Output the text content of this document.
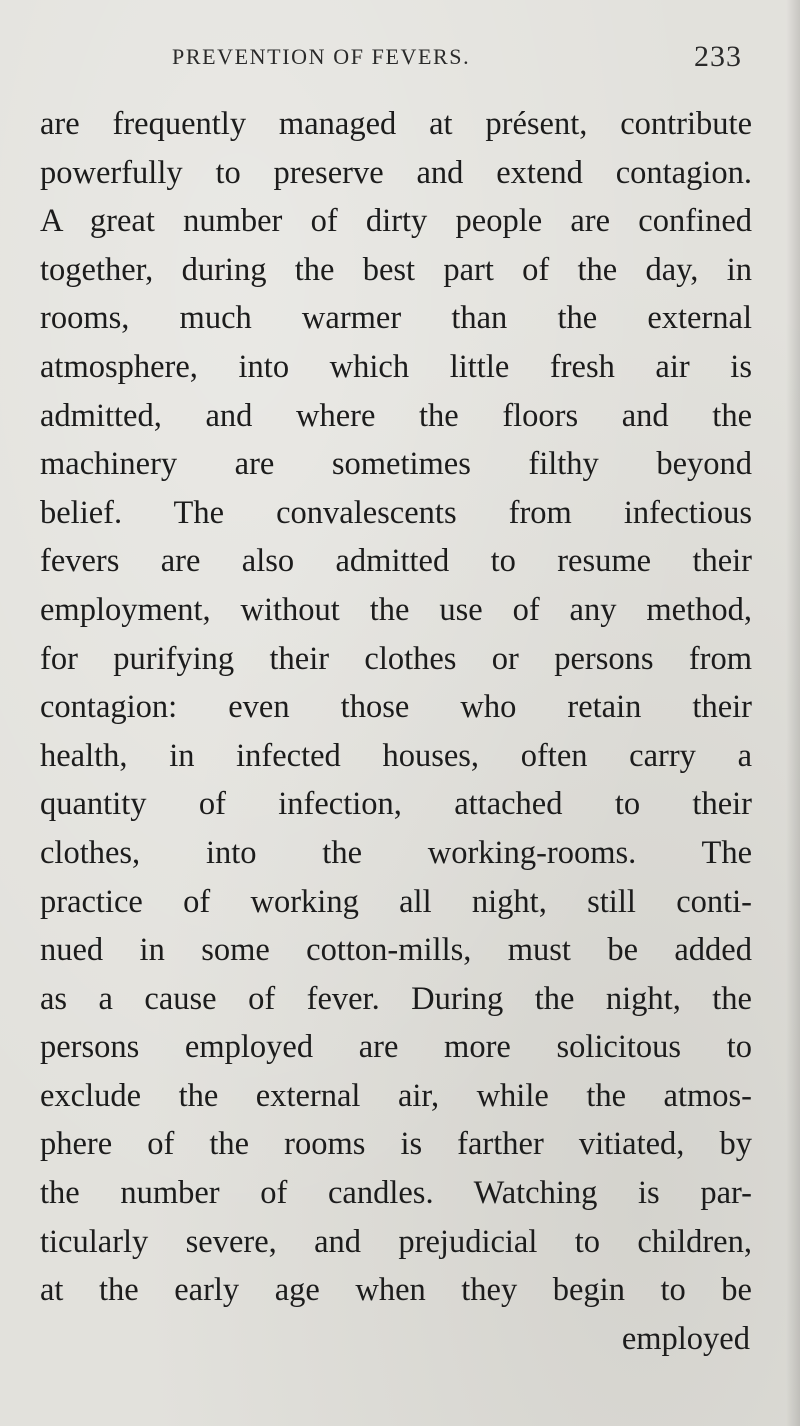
PREVENTION OF FEVERS.	233
are frequently managed at présent, contribute
powerfully to preserve and extend contagion.
A great number of dirty people are confined
together, during the best part of the day, in
rooms, much warmer than the external
atmosphere, into which little fresh air is
admitted, and where the floors and the
machinery are sometimes filthy beyond
belief. The convalescents from infectious
fevers are also admitted to resume their
employment, without the use of any method,
for purifying their clothes or persons from
contagion: even those who retain their
health, in infected houses, often carry a
quantity of infection, attached to their
clothes, into the working-rooms. The
practice of working all night, still conti-
nued in some cotton-mills, must be added
as a cause of fever. During the night, the
persons employed are more solicitous to
exclude the external air, while the atmos-
phere of the rooms is farther vitiated, by
the number of candles. Watching is par-
ticularly severe, and prejudicial to children,
at the early age when they begin to be
employed
